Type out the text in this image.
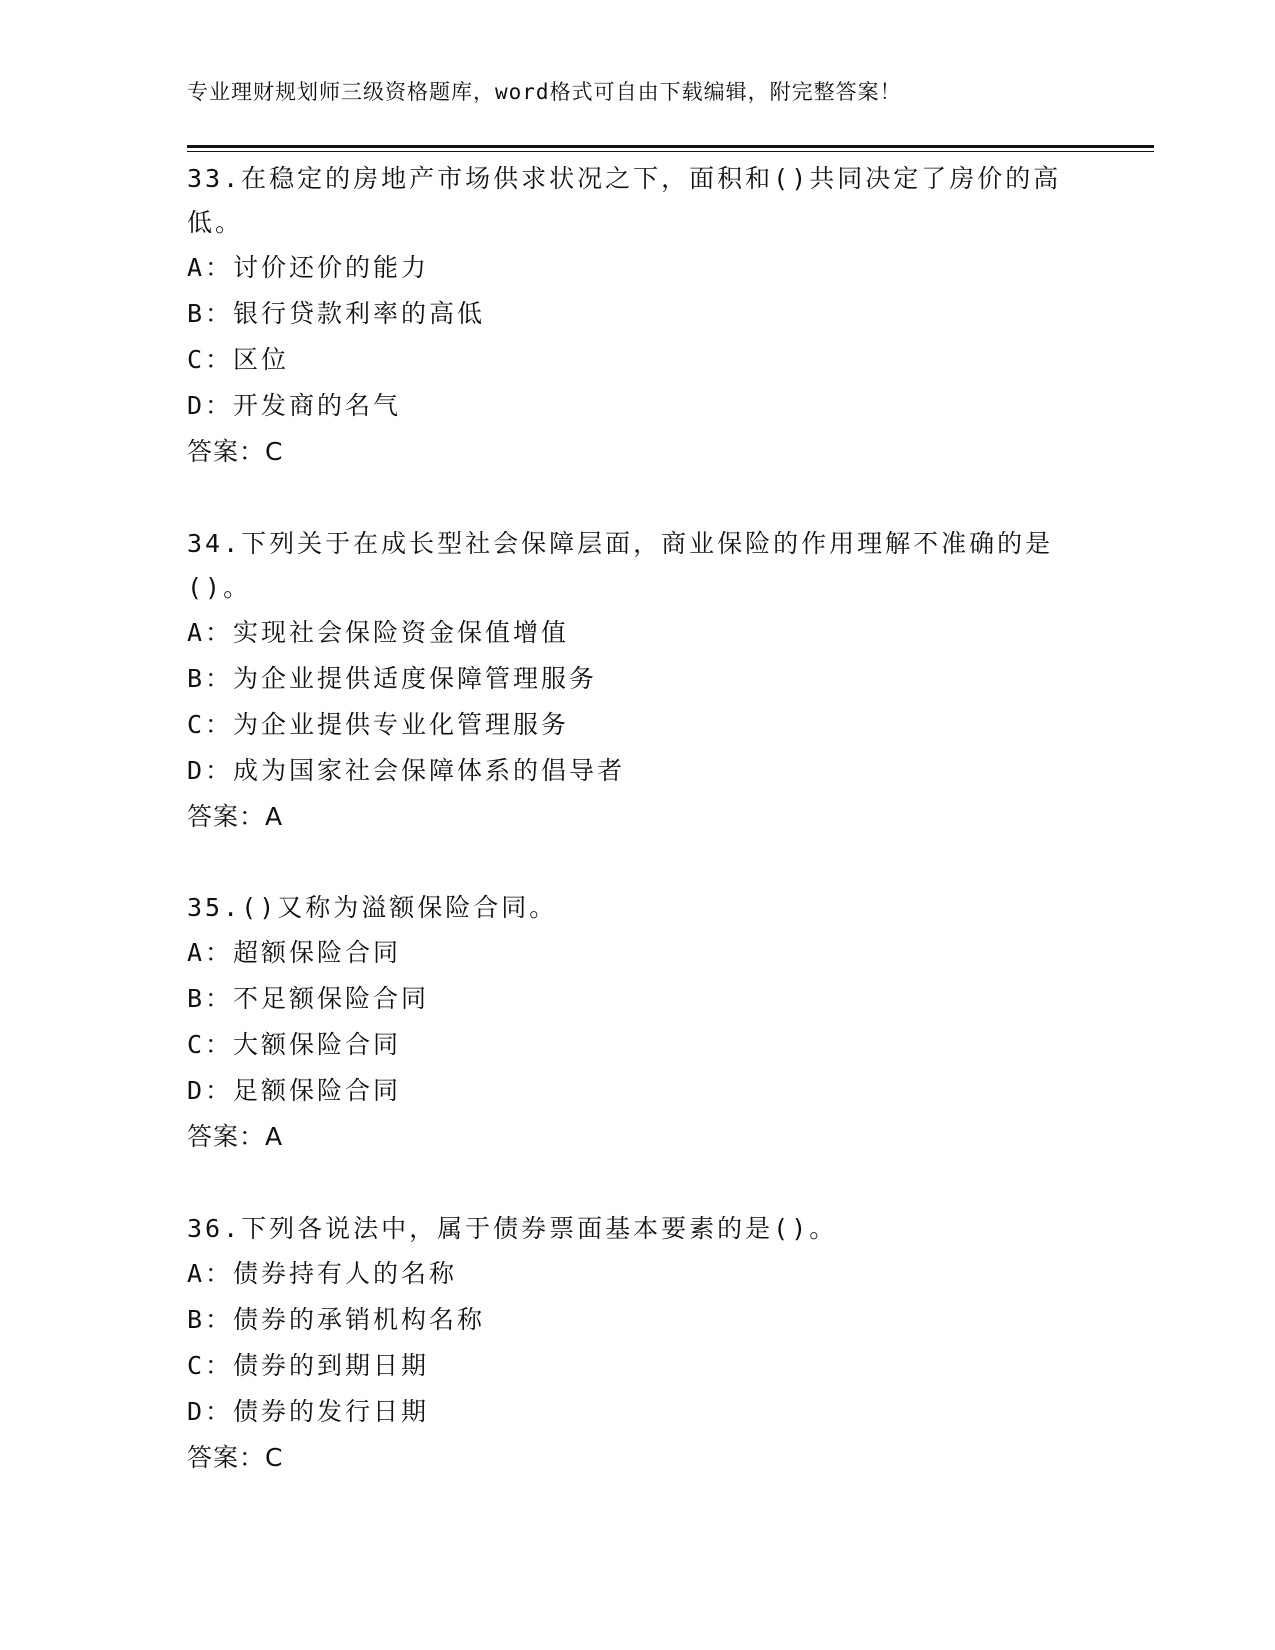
专业理财规划师三级资格题库，word格式可自由下载编辑，附完整答案！

33.在稳定的房地产市场供求状况之下，面积和()共同决定了房价的高低。

A：讨价还价的能力

B：银行贷款利率的高低

C：区位

D：开发商的名气

答案：C

34.下列关于在成长型社会保障层面，商业保险的作用理解不准确的是()。

A：实现社会保险资金保值增值

B：为企业提供适度保障管理服务

C：为企业提供专业化管理服务

D：成为国家社会保障体系的倡导者

答案：A

35.()又称为溢额保险合同。

A：超额保险合同

B：不足额保险合同

C：大额保险合同

D：足额保险合同

答案：A

36.下列各说法中，属于债券票面基本要素的是()。

A：债券持有人的名称

B：债券的承销机构名称

C：债券的到期日期

D：债券的发行日期

答案：C
